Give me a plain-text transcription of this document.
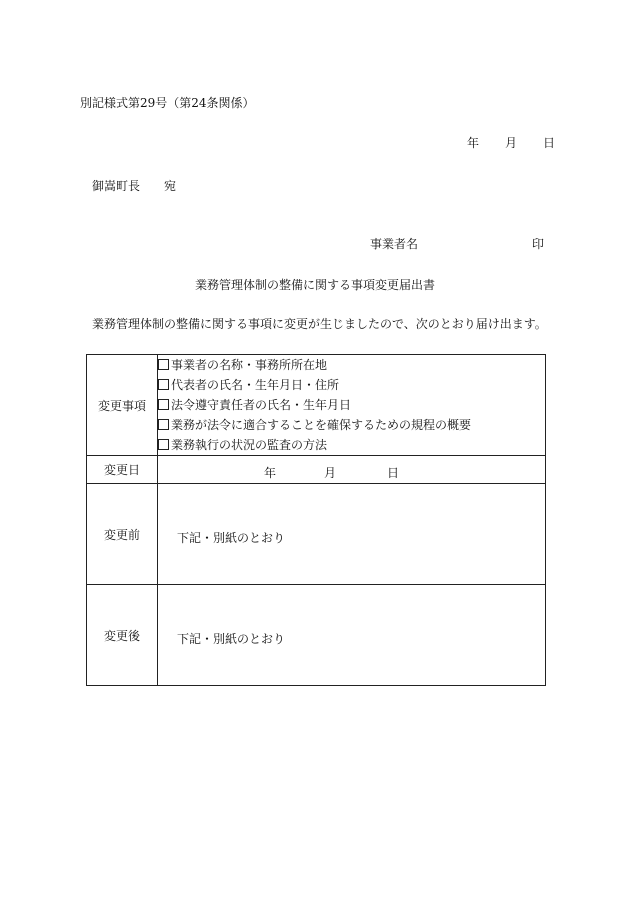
別記様式第29号（第24条関係）
年 月 日
御嵩町長 宛
事業者名	印
業務管理体制の整備に関する事項変更届出書
業務管理体制の整備に関する事項に変更が生じましたので、次のとおり届け出ます。
変更事項	事業者の名称・事務所所在地
代表者の氏名・生年月日・住所
法令遵守責任者の氏名・生年月日
業務が法令に適合することを確保するための規程の概要
業務執行の状況の監査の方法

変更日	年 月 日

変更前	下記・別紙のとおり

変更後	下記・別紙のとおり
